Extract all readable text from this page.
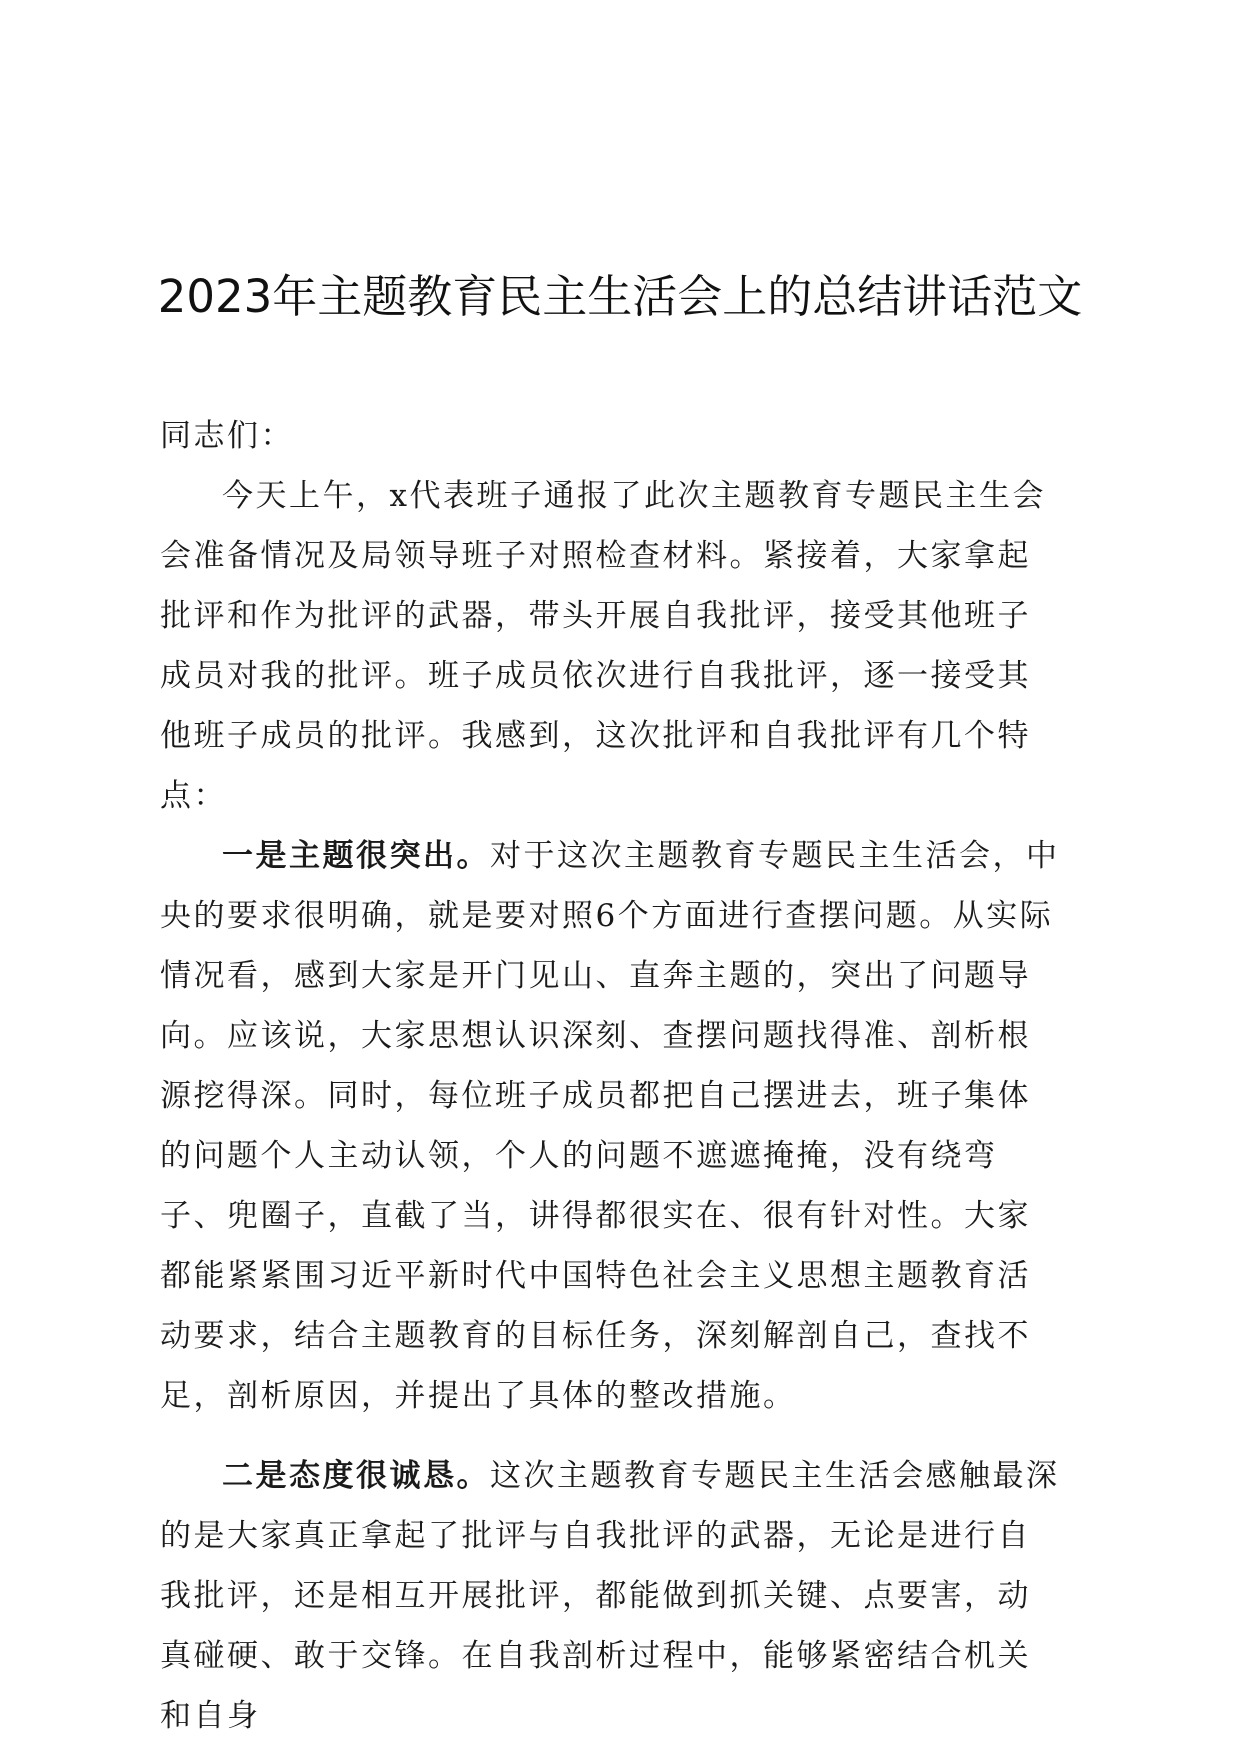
2023年主题教育民主生活会上的总结讲话范文

同志们：

今天上午，x代表班子通报了此次主题教育专题民主生会会准备情况及局领导班子对照检查材料。紧接着，大家拿起批评和作为批评的武器，带头开展自我批评，接受其他班子成员对我的批评。班子成员依次进行自我批评，逐一接受其他班子成员的批评。我感到，这次批评和自我批评有几个特点：

一是主题很突出。对于这次主题教育专题民主生活会，中央的要求很明确，就是要对照6个方面进行查摆问题。从实际情况看，感到大家是开门见山、直奔主题的，突出了问题导向。应该说，大家思想认识深刻、查摆问题找得准、剖析根源挖得深。同时，每位班子成员都把自己摆进去，班子集体的问题个人主动认领，个人的问题不遮遮掩掩，没有绕弯子、兜圈子，直截了当，讲得都很实在、很有针对性。大家都能紧紧围习近平新时代中国特色社会主义思想主题教育活动要求，结合主题教育的目标任务，深刻解剖自己，查找不足，剖析原因，并提出了具体的整改措施。

二是态度很诚恳。这次主题教育专题民主生活会感触最深的是大家真正拿起了批评与自我批评的武器，无论是进行自我批评，还是相互开展批评，都能做到抓关键、点要害，动真碰硬、敢于交锋。在自我剖析过程中，能够紧密结合机关和自身
